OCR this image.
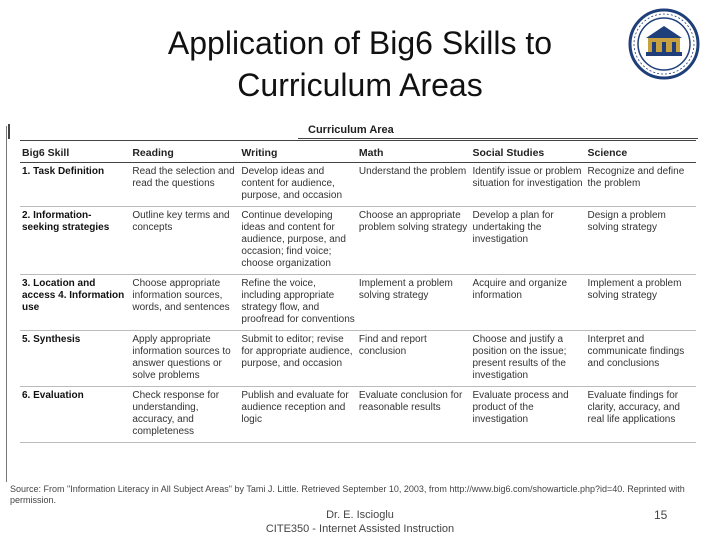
Application of Big6 Skills to
Curriculum Areas
Curriculum Area
Big6 Skill	Reading	Writing	Math	Social Studies	Science
1. Task Definition	Read the selection and read the questions	Develop ideas and content for audience, purpose, and occasion	Understand the problem	Identify issue or problem situation for investigation	Recognize and define the problem
2. Information-seeking strategies	Outline key terms and concepts	Continue developing ideas and content for audience, purpose, and occasion; find voice; choose organization	Choose an appropriate problem solving strategy	Develop a plan for undertaking the investigation	Design a problem solving strategy
3. Location and access 4. Information use	Choose appropriate information sources, words, and sentences	Refine the voice, including appropriate strategy flow, and proofread for conventions	Implement a problem solving strategy	Acquire and organize information	Implement a problem solving strategy
5. Synthesis	Apply appropriate information sources to answer questions or solve problems	Submit to editor; revise for appropriate audience, purpose, and occasion	Find and report conclusion	Choose and justify a position on the issue; present results of the investigation	Interpret and communicate findings and conclusions
6. Evaluation	Check response for understanding, accuracy, and completeness	Publish and evaluate for audience reception and logic	Evaluate conclusion for reasonable results	Evaluate process and product of the investigation	Evaluate findings for clarity, accuracy, and real life applications
Source: From "Information Literacy in All Subject Areas" by Tami J. Little. Retrieved September 10, 2003, from http://www.big6.com/showarticle.php?id=40. Reprinted with permission.
Dr. E. Iscioglu
CITE350 - Internet Assisted Instruction
15
